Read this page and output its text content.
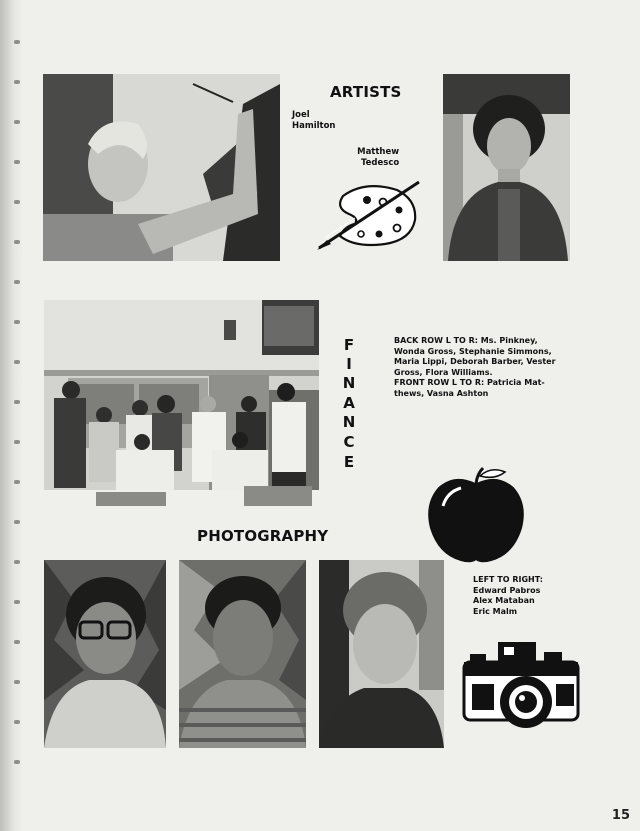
ARTISTS
Joel
Hamilton
Matthew
Tedesco
F
I
N
A
N
C
E
BACK ROW L TO R: Ms. Pinkney,
Wonda Gross, Stephanie Simmons,
Maria Lippi, Deborah Barber, Vester
Gross, Flora Williams.
FRONT ROW L TO R: Patricia Mat-
thews, Vasna Ashton
PHOTOGRAPHY
LEFT TO RIGHT:
Edward Pabros
Alex Mataban
Eric Malm
15
